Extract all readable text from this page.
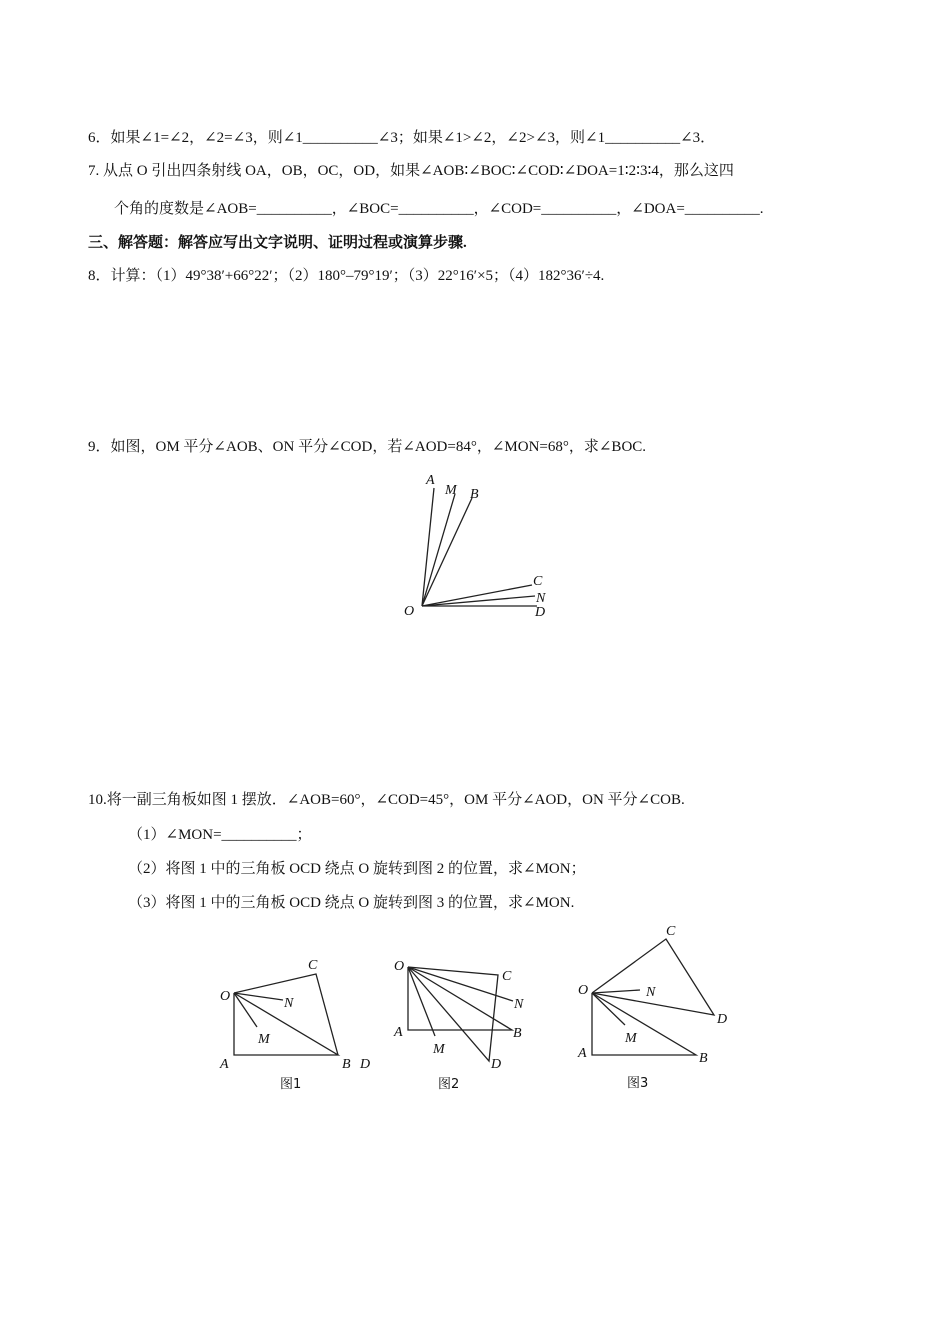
6．如果∠1=∠2，∠2=∠3，则∠1__________∠3；如果∠1>∠2，∠2>∠3，则∠1__________∠3．
7. 从点 O 引出四条射线 OA，OB，OC，OD，如果∠AOB∶∠BOC∶∠COD∶∠DOA=1∶2∶3∶4，那么这四
个角的度数是∠AOB=__________，∠BOC=__________，∠COD=__________，∠DOA=__________.
三、解答题：解答应写出文字说明、证明过程或演算步骤.
8．计算：（1）49°38′+66°22′；（2）180°–79°19′；（3）22°16′×5；（4）182°36′÷4.
9．如图，OM 平分∠AOB、ON 平分∠COD，若∠AOD=84°，∠MON=68°，求∠BOC.
A
M B
C
N
D
O
10.将一副三角板如图 1 摆放．∠AOB=60°，∠COD=45°，OM 平分∠AOD，ON 平分∠COB.
（1）∠MON=__________；
（2）将图 1 中的三角板 OCD 绕点 O 旋转到图 2 的位置，求∠MON；
（3）将图 1 中的三角板 OCD 绕点 O 旋转到图 3 的位置，求∠MON.
O
C
N
M
A	B D
图1
O
C
N
A
M
B
D
图2
C
O	N
D
M
A	B
图3
